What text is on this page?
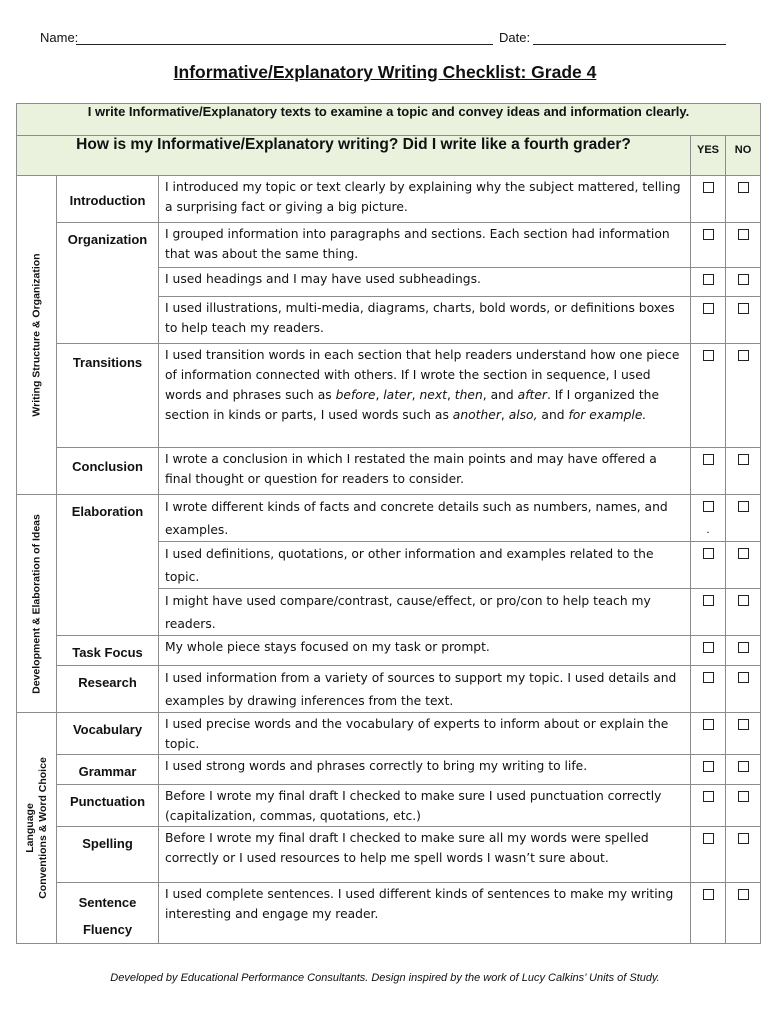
Name:	Date:
Informative/Explanatory Writing Checklist: Grade 4
I write Informative/Explanatory texts to examine a topic and convey ideas and information clearly.				
How is my Informative/Explanatory writing? Did I write like a fourth grader?			YES	NO

Writing Structure & Organization	Introduction	I introduced my topic or text clearly by explaining why the subject mattered, telling a surprising fact or giving a big picture.		
	Organization	I grouped information into paragraphs and sections. Each section had information that was about the same thing.		
		I used headings and I may have used subheadings.		
		I used illustrations, multi-media, diagrams, charts, bold words, or definitions boxes to help teach my readers.		
	Transitions	I used transition words in each section that help readers understand how one piece of information connected with others. If I wrote the section in sequence, I used words and phrases such as before, later, next, then, and after. If I organized the section in kinds or parts, I used words such as another, also, and for example.		
	Conclusion	I wrote a conclusion in which I restated the main points and may have offered a final thought or question for readers to consider.		

Development & Elaboration of Ideas	Elaboration	I wrote different kinds of facts and concrete details such as numbers, names, and examples.	.	

		I used definitions, quotations, or other information and examples related to the topic.		
		I might have used compare/contrast, cause/effect, or pro/con to help teach my readers.		
	Task Focus	My whole piece stays focused on my task or prompt.		
	Research	I used information from a variety of sources to support my topic. I used details and examples by drawing inferences from the text.		

Language
Conventions & Word Choice	Vocabulary	I used precise words and the vocabulary of experts to inform about or explain the topic.		
	Grammar	I used strong words and phrases correctly to bring my writing to life.		
	Punctuation	Before I wrote my final draft I checked to make sure I used punctuation correctly (capitalization, commas, quotations, etc.)		
	Spelling	Before I wrote my final draft I checked to make sure all my words were spelled correctly or I used resources to help me spell words I wasn’t sure about.		
	Sentence Fluency	I used complete sentences. I used different kinds of sentences to make my writing interesting and engage my reader.		
Developed by Educational Performance Consultants. Design inspired by the work of Lucy Calkins’ Units of Study.
